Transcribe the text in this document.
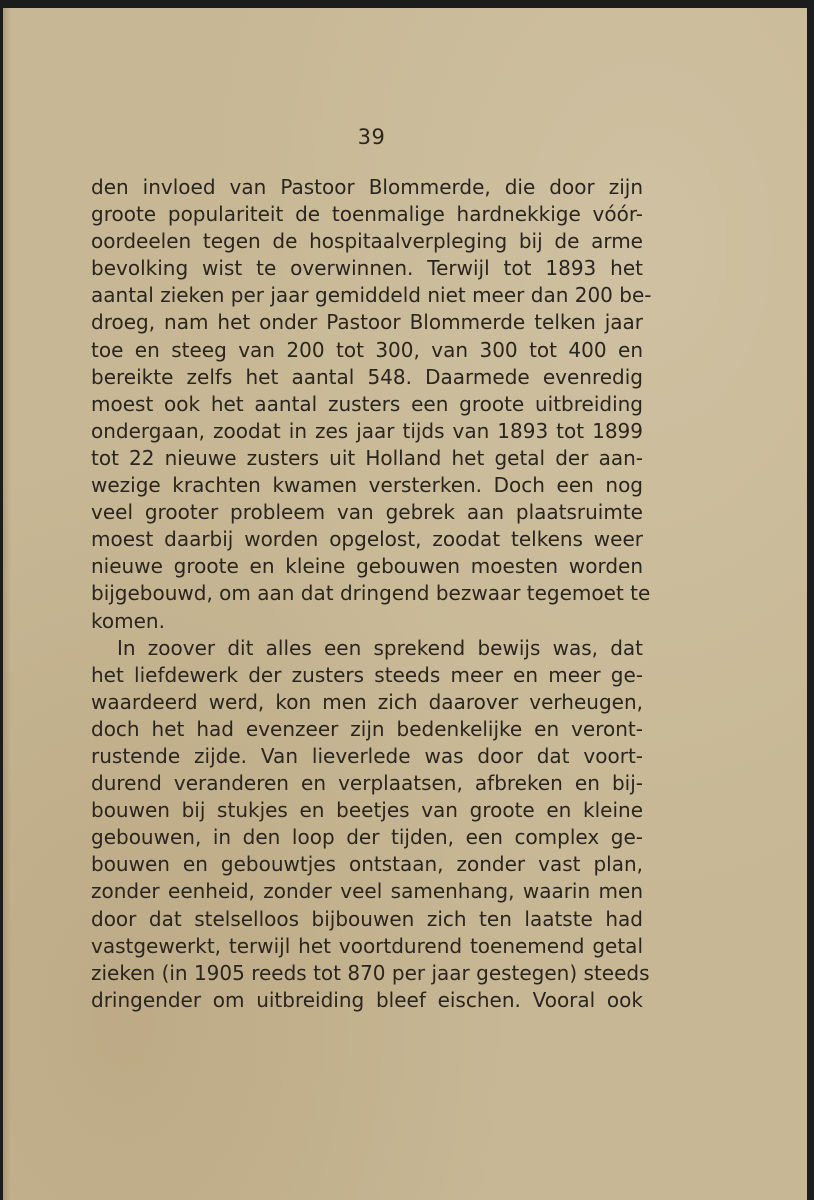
39
den invloed van Pastoor Blommerde, die door zijn
groote populariteit de toenmalige hardnekkige vóór-
oordeelen tegen de hospitaalverpleging bij de arme
bevolking wist te overwinnen. Terwijl tot 1893 het
aantal zieken per jaar gemiddeld niet meer dan 200 be-
droeg, nam het onder Pastoor Blommerde telken jaar
toe en steeg van 200 tot 300, van 300 tot 400 en
bereikte zelfs het aantal 548. Daarmede evenredig
moest ook het aantal zusters een groote uitbreiding
ondergaan, zoodat in zes jaar tijds van 1893 tot 1899
tot 22 nieuwe zusters uit Holland het getal der aan-
wezige krachten kwamen versterken. Doch een nog
veel grooter probleem van gebrek aan plaatsruimte
moest daarbij worden opgelost, zoodat telkens weer
nieuwe groote en kleine gebouwen moesten worden
bijgebouwd, om aan dat dringend bezwaar tegemoet te
komen.
In zoover dit alles een sprekend bewijs was, dat
het liefdewerk der zusters steeds meer en meer ge-
waardeerd werd, kon men zich daarover verheugen,
doch het had evenzeer zijn bedenkelijke en veront-
rustende zijde. Van lieverlede was door dat voort-
durend veranderen en verplaatsen, afbreken en bij-
bouwen bij stukjes en beetjes van groote en kleine
gebouwen, in den loop der tijden, een complex ge-
bouwen en gebouwtjes ontstaan, zonder vast plan,
zonder eenheid, zonder veel samenhang, waarin men
door dat stelselloos bijbouwen zich ten laatste had
vastgewerkt, terwijl het voortdurend toenemend getal
zieken (in 1905 reeds tot 870 per jaar gestegen) steeds
dringender om uitbreiding bleef eischen. Vooral ook
